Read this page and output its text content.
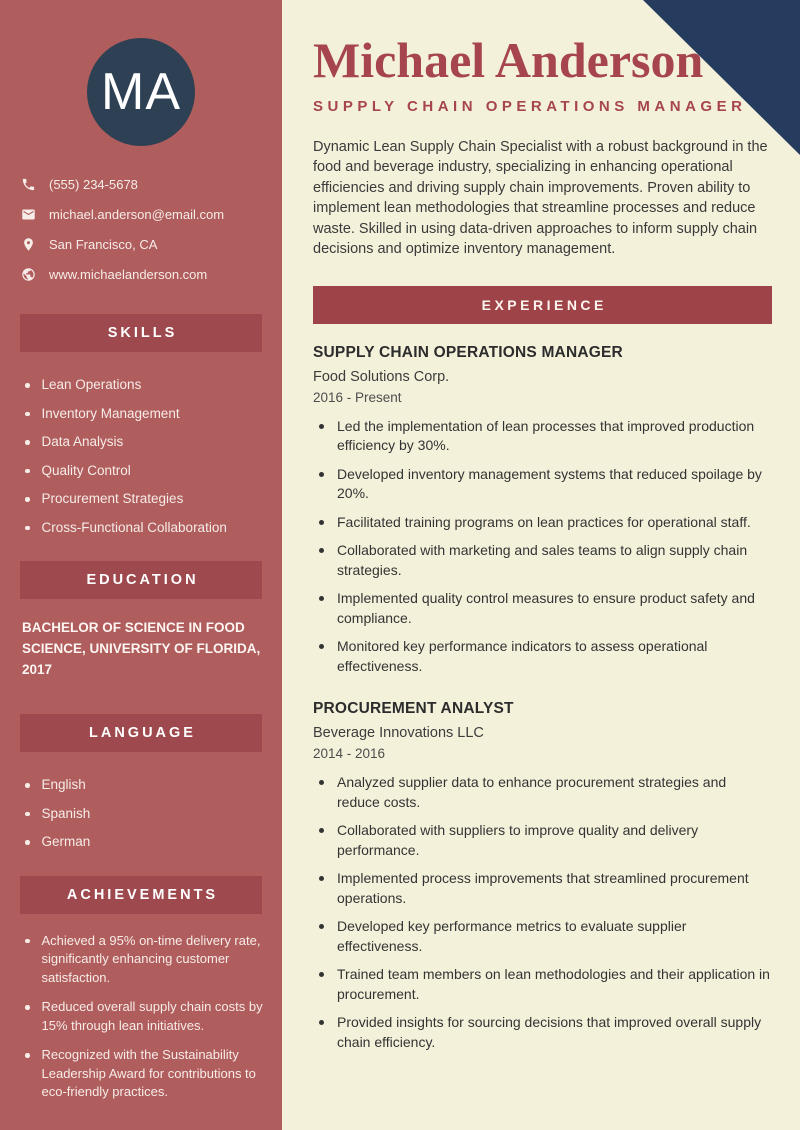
MA
(555) 234-5678
michael.anderson@email.com
San Francisco, CA
www.michaelanderson.com
SKILLS
Lean Operations
Inventory Management
Data Analysis
Quality Control
Procurement Strategies
Cross-Functional Collaboration
EDUCATION

BACHELOR OF SCIENCE IN FOOD SCIENCE, UNIVERSITY OF FLORIDA, 2017

LANGUAGE
English
Spanish
German
ACHIEVEMENTS
Achieved a 95% on-time delivery rate, significantly enhancing customer satisfaction.
Reduced overall supply chain costs by 15% through lean initiatives.
Recognized with the Sustainability Leadership Award for contributions to eco-friendly practices.
Michael Anderson
SUPPLY CHAIN OPERATIONS MANAGER

Dynamic Lean Supply Chain Specialist with a robust background in the food and beverage industry, specializing in enhancing operational efficiencies and driving supply chain improvements. Proven ability to implement lean methodologies that streamline processes and reduce waste. Skilled in using data-driven approaches to inform supply chain decisions and optimize inventory management.

EXPERIENCE
SUPPLY CHAIN OPERATIONS MANAGER
Food Solutions Corp.
2016 - Present
Led the implementation of lean processes that improved production efficiency by 30%.
Developed inventory management systems that reduced spoilage by 20%.
Facilitated training programs on lean practices for operational staff.
Collaborated with marketing and sales teams to align supply chain strategies.
Implemented quality control measures to ensure product safety and compliance.
Monitored key performance indicators to assess operational effectiveness.
PROCUREMENT ANALYST
Beverage Innovations LLC
2014 - 2016
Analyzed supplier data to enhance procurement strategies and reduce costs.
Collaborated with suppliers to improve quality and delivery performance.
Implemented process improvements that streamlined procurement operations.
Developed key performance metrics to evaluate supplier effectiveness.
Trained team members on lean methodologies and their application in procurement.
Provided insights for sourcing decisions that improved overall supply chain efficiency.
